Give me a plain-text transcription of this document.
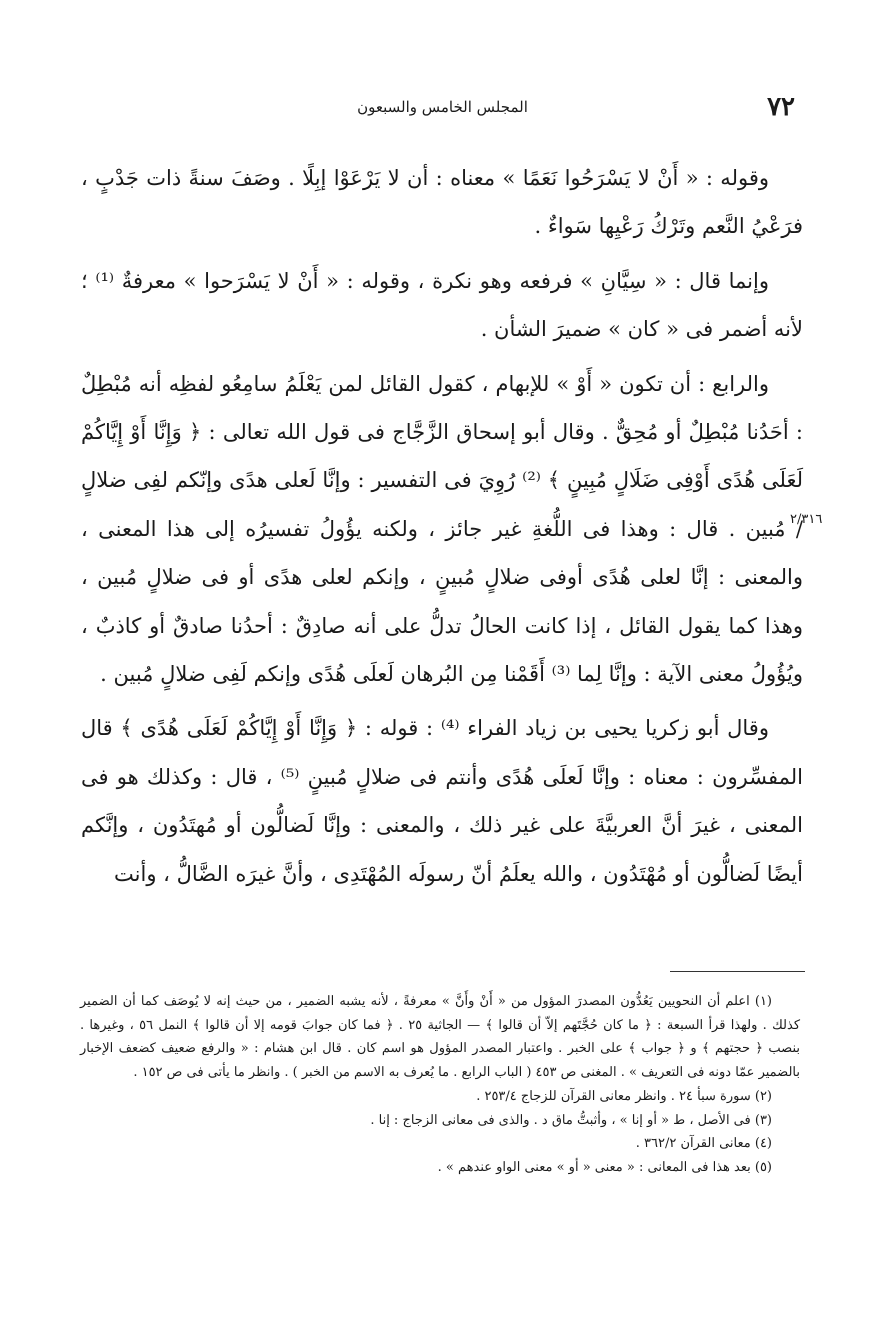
٧٢
المجلس الخامس والسبعون
٢/٣١٦

وقوله : « أَنْ لا يَسْرَحُوا نَعَمًا » معناه : أن لا يَرْعَوْا إبِلًا . وصَفَ سنةً ذات جَدْبٍ ، فرَعْيُ النَّعم وتَرْكُ رَعْيِها سَواءٌ .

وإنما قال : « سِيَّانِ » فرفعه وهو نكرة ، وقوله : « أَنْ لا يَسْرَحوا » معرفةٌ ⁽¹⁾ ؛ لأنه أضمر فى « كان » ضميرَ الشأن .

والرابع : أن تكون « أَوْ » للإبهام ، كقول القائل لمن يَعْلَمُ سامِعُو لفظِه أنه مُبْطِلٌ : أحَدُنا مُبْطِلٌ أو مُحِقٌّ . وقال أبو إسحاق الزَّجَّاج فى قول الله تعالى : ﴿ وَإِنَّا أَوْ إِيَّاكُمْ لَعَلَى هُدًى أَوْفِى ضَلَالٍ مُبِينٍ ﴾ ⁽²⁾ رُوِيَ فى التفسير : وإنَّا لَعلى هدًى وإنّكم لفِى ضلالٍ / مُبين . قال : وهذا فى اللُّغةِ غير جائز ، ولكنه يؤُولُ تفسيرُه إلى هذا المعنى ، والمعنى : إنَّا لعلى هُدًى أوفى ضلالٍ مُبينٍ ، وإنكم لعلى هدًى أو فى ضلالٍ مُبين ، وهذا كما يقول القائل ، إذا كانت الحالُ تدلُّ على أنه صادِقٌ : أحدُنا صادقٌ أو كاذبٌ ، ويُؤُولُ معنى الآية : وإنَّا لِما ⁽³⁾ أَقَمْنا مِن البُرهان لَعلَى هُدًى وإنكم لَفِى ضلالٍ مُبين .

وقال أبو زكريا يحيى بن زياد الفراء ⁽⁴⁾ : قوله : ﴿ وَإِنَّا أَوْ إِيَّاكُمْ لَعَلَى هُدًى ﴾ قال المفسِّرون : معناه : وإنَّا لَعلَى هُدًى وأنتم فى ضلالٍ مُبينٍ ⁽⁵⁾ ، قال : وكذلك هو فى المعنى ، غيرَ أنَّ العربيَّةَ على غير ذلك ، والمعنى : وإنَّا لَضالُّون أو مُهتَدُون ، وإنَّكم أيضًا لَضالُّون أو مُهْتَدُون ، والله يعلَمُ أنّ رسولَه المُهْتَدِى ، وأنَّ غيرَه الضَّالُّ ، وأنت

(١) اعلم أن النحويين يَعُدُّون المصدرَ المؤول من « أَنْ وأَنَّ » معرفةً ، لأنه يشبه الضمير ، من حيث إنه لا يُوصَف كما أن الضمير كذلك . ولهذا قرأ السبعة : ﴿ ما كان حُجَّتَهم إلاّ أن قالوا ﴾ — الجاثية ٢٥ . ﴿ فما كان جوابَ قومه إلا أن قالوا ﴾ النمل ٥٦ ، وغيرها . بنصب ﴿ حجتهم ﴾ و ﴿ جواب ﴾ على الخبر . واعتبار المصدر المؤول هو اسم كان . قال ابن هشام : « والرفع ضعيف كضعف الإخبار بالضمير عمّا دونه فى التعريف » . المغنى ص ٤٥٣ ( الباب الرابع . ما يُعرف به الاسم من الخبر ) . وانظر ما يأتى فى ص ١٥٢ .

(٢) سورة سبأ ٢٤ . وانظر معانى القرآن للزجاج ٢٥٣/٤ .

(٣) فى الأصل ، ط « أو إنا » ، وأثبتُّ ماق د . والذى فى معانى الزجاج : إنا .

(٤) معانى القرآن ٣٦٢/٢ .

(٥) بعد هذا فى المعانى : « معنى « أو » معنى الواو عندهم » .
